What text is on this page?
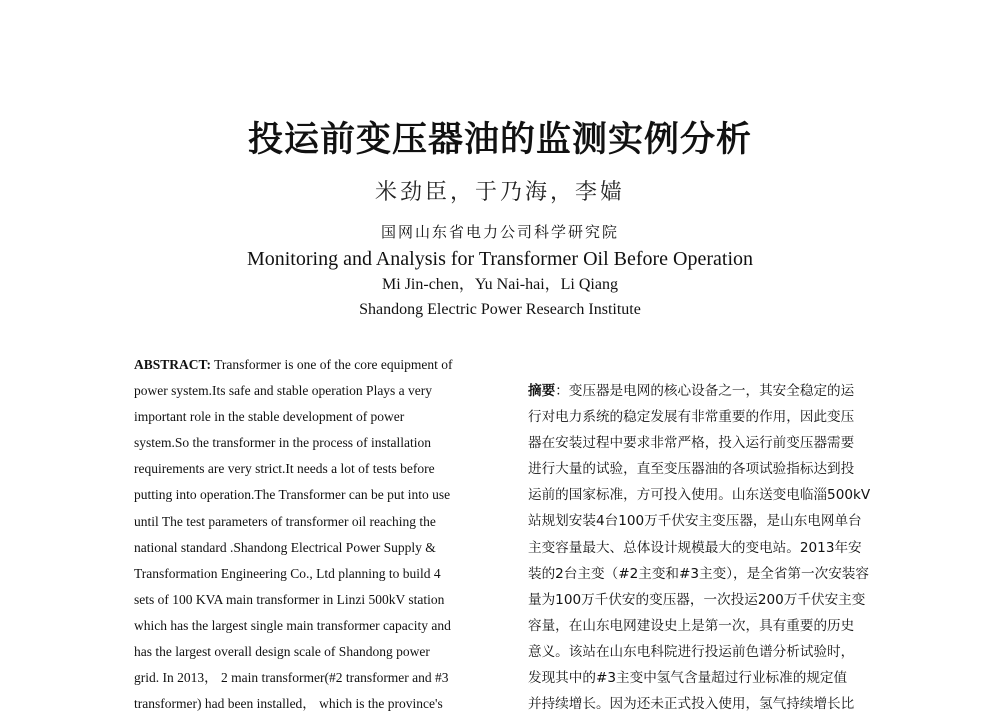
投运前变压器油的监测实例分析
米劲臣，于乃海，李嫱
国网山东省电力公司科学研究院
Monitoring and Analysis for Transformer Oil Before Operation
Mi Jin-chen，Yu Nai-hai，Li Qiang
Shandong Electric Power Research Institute
ABSTRACT: Transformer is one of the core equipment of
power system.Its safe and stable operation Plays a very
important role in the stable development of power
system.So the transformer in the process of installation
requirements are very strict.It needs a lot of tests before
putting into operation.The Transformer can be put into use
until The test parameters of transformer oil reaching the
national standard .Shandong Electrical Power Supply &
Transformation Engineering Co., Ltd planning to build 4
sets of 100 KVA main transformer in Linzi 500kV station
which has the largest single main transformer capacity and
has the largest overall design scale of Shandong power
grid. In 2013， 2 main transformer(#2 transformer and #3
transformer) had been installed， which is the province's
摘要：变压器是电网的核心设备之一，其安全稳定的运
行对电力系统的稳定发展有非常重要的作用，因此变压
器在安装过程中要求非常严格，投入运行前变压器需要
进行大量的试验，直至变压器油的各项试验指标达到投
运前的国家标准，方可投入使用。山东送变电临淄500kV
站规划安装4台100万千伏安主变压器，是山东电网单台
主变容量最大、总体设计规模最大的变电站。2013年安
装的2台主变（#2主变和#3主变），是全省第一次安装容
量为100万千伏安的变压器，一次投运200万千伏安主变
容量，在山东电网建设史上是第一次，具有重要的历史
意义。该站在山东电科院进行投运前色谱分析试验时，
发现其中的#3主变中氢气含量超过行业标准的规定值
并持续增长。因为还未正式投入使用，氢气持续增长比
